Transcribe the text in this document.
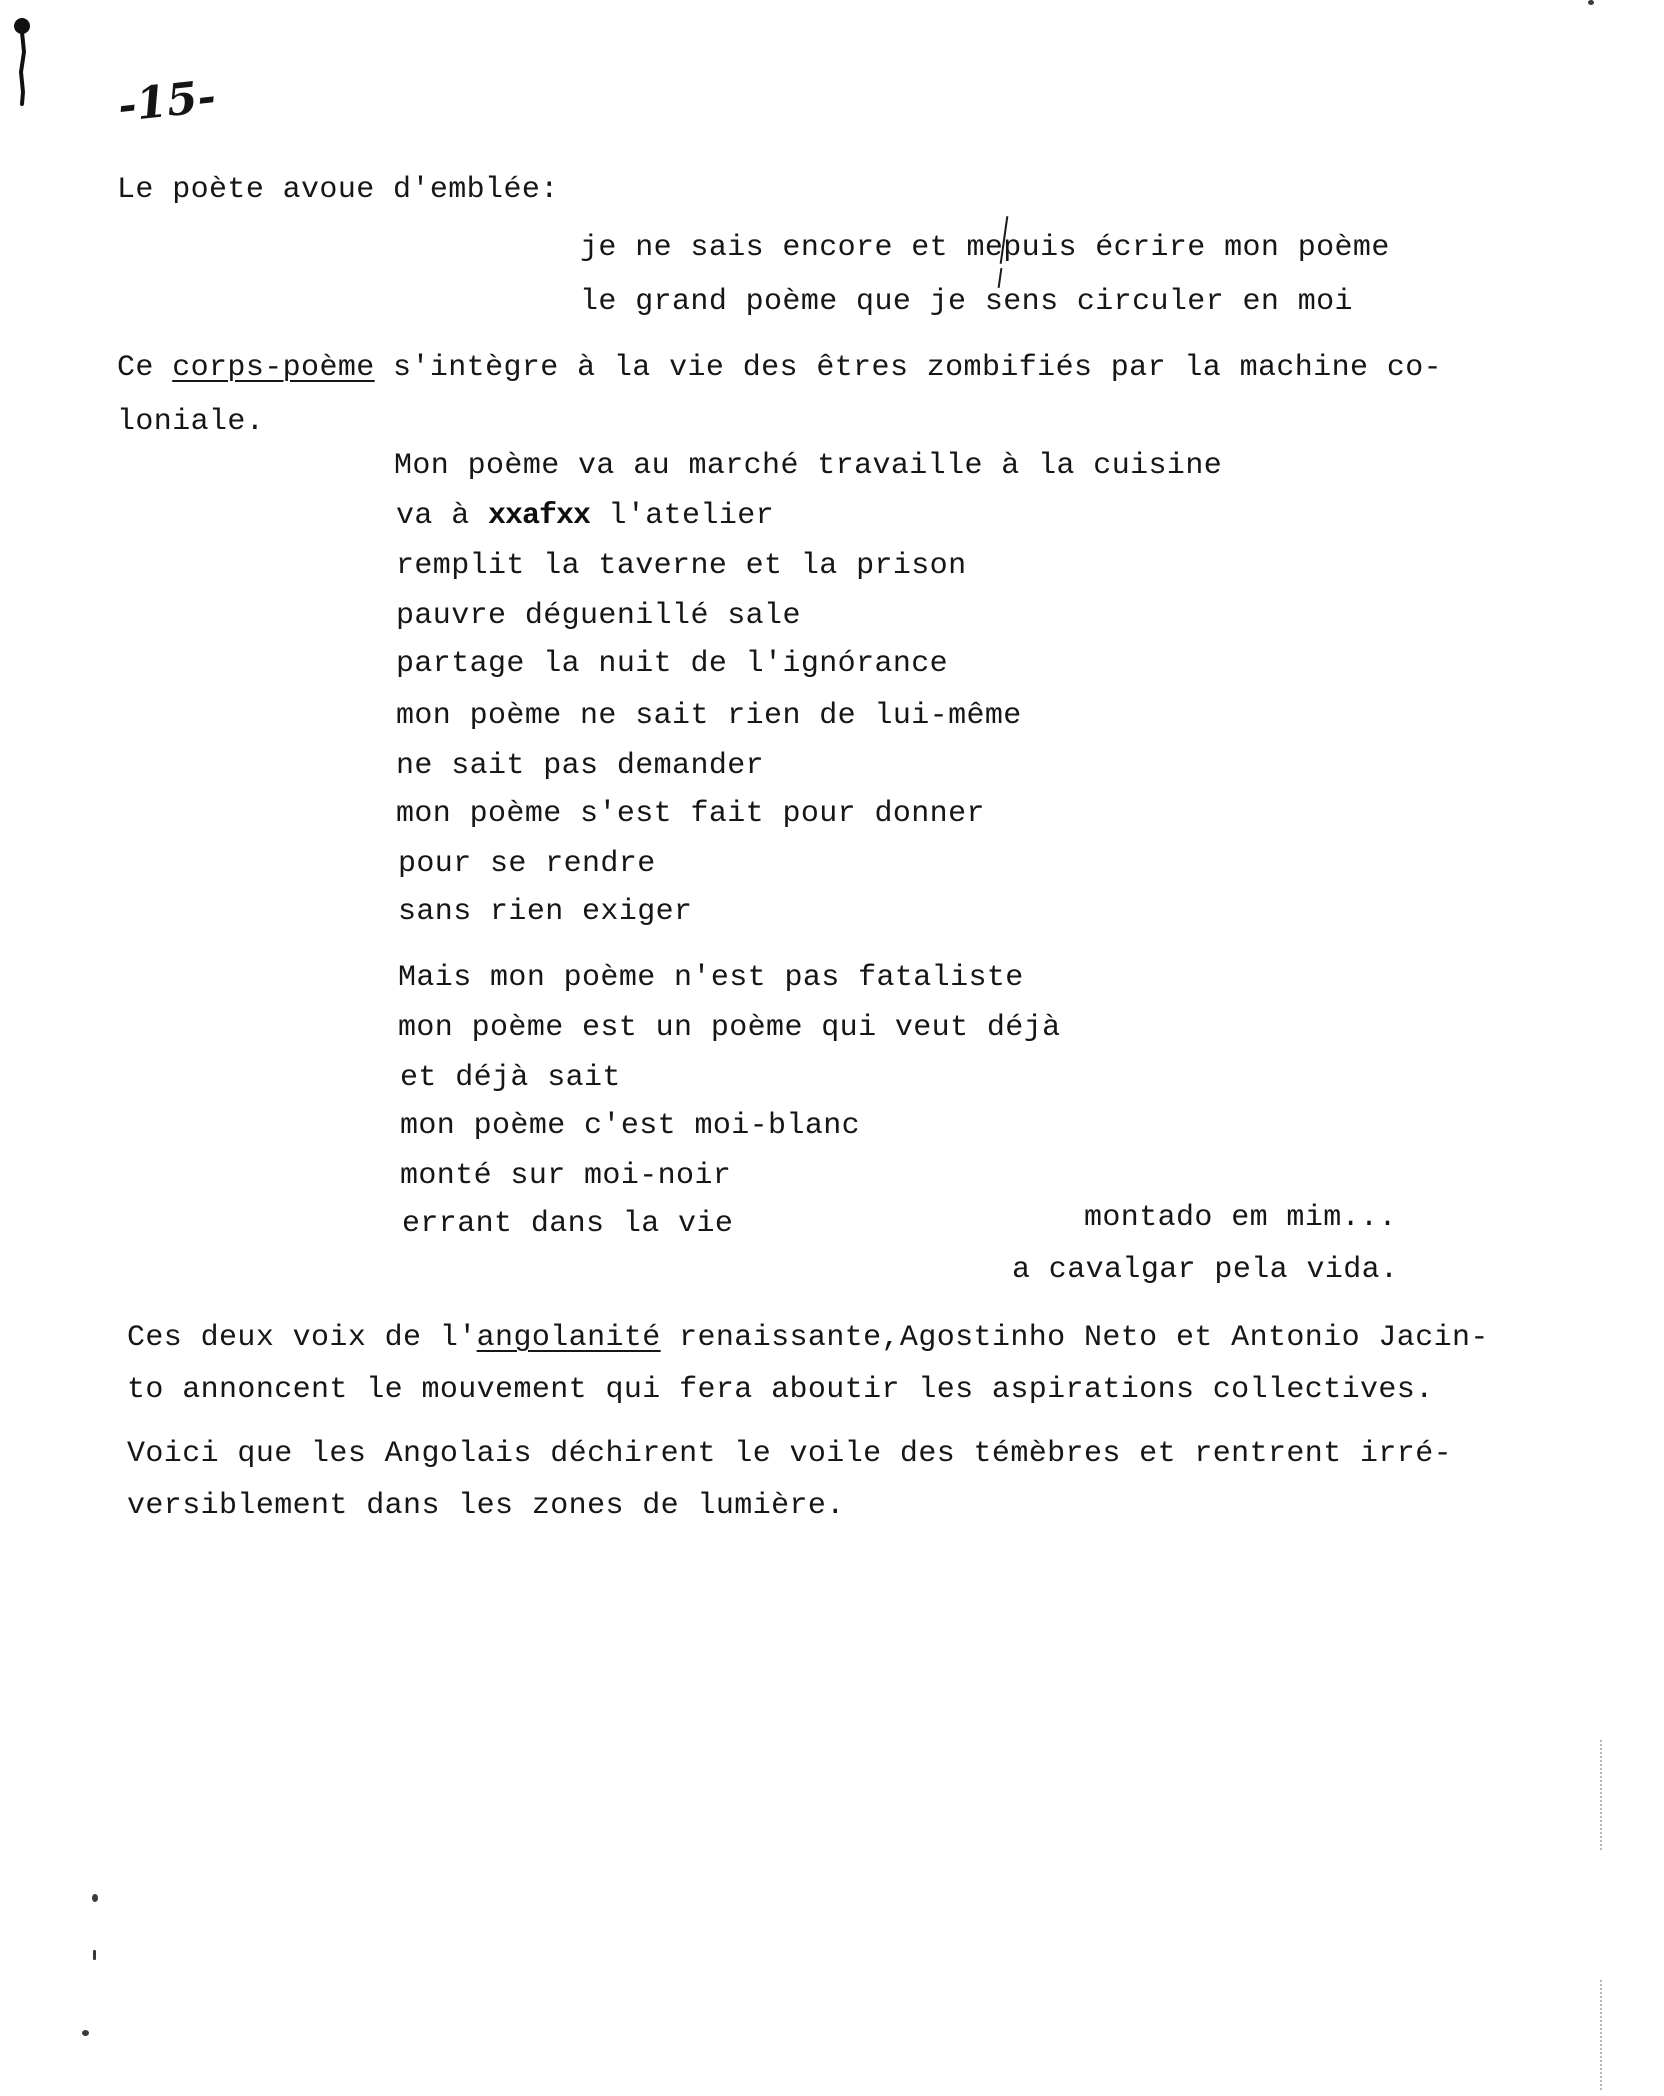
-15-
Le poète avoue d'emblée:
je ne sais encore et mepuis écrire mon poème
le grand poème que je sens circuler en moi
Ce corps-poème s'intègre à la vie des êtres zombifiés par la machine co-
loniale.
Mon poème va au marché travaille à la cuisine
va à xxafxx l'atelier
remplit la taverne et la prison
pauvre déguenillé sale
partage la nuit de l'ignórance
mon poème ne sait rien de lui-même
ne sait pas demander
mon poème s'est fait pour donner
pour se rendre
sans rien exiger
Mais mon poème n'est pas fataliste
mon poème est un poème qui veut déjà
et déjà sait
mon poème c'est moi-blanc
monté sur moi-noir
errant dans la vie	montado em mim...
a cavalgar pela vida.
Ces deux voix de l'angolanité renaissante,Agostinho Neto et Antonio Jacin-
to annoncent le mouvement qui fera aboutir les aspirations collectives.
Voici que les Angolais déchirent le voile des témèbres et rentrent irré-
versiblement dans les zones de lumière.
